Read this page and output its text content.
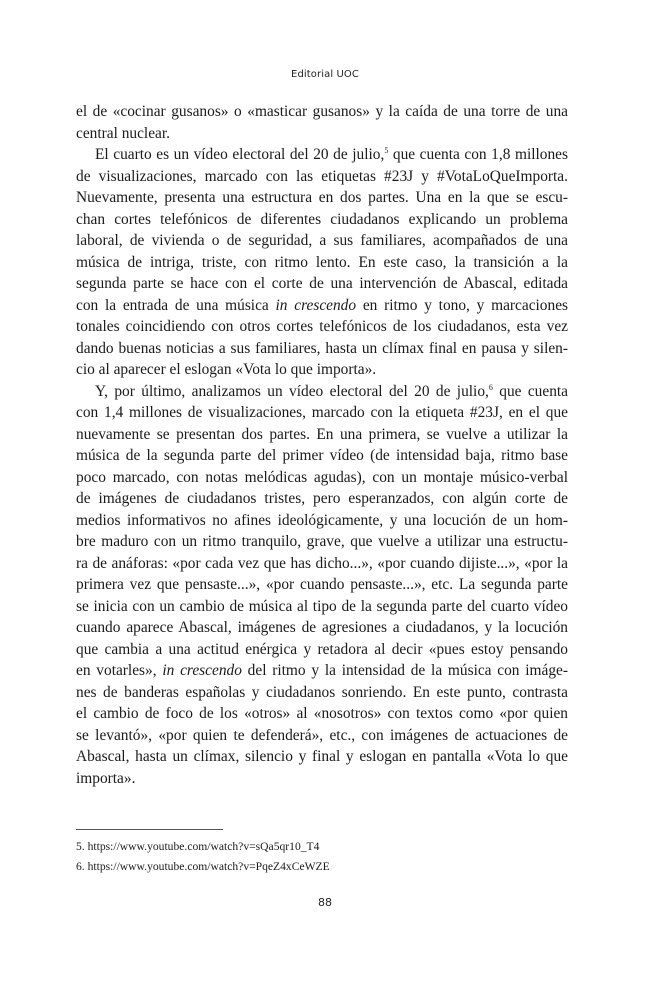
Editorial UOC
el de «cocinar gusanos» o «masticar gusanos» y la caída de una torre de una
central nuclear.
El cuarto es un vídeo electoral del 20 de julio,$^5$ que cuenta con 1,8 millones
de visualizaciones, marcado con las etiquetas #23J y #VotaLoQueImporta.
Nuevamente, presenta una estructura en dos partes. Una en la que se escu-
chan cortes telefónicos de diferentes ciudadanos explicando un problema
laboral, de vivienda o de seguridad, a sus familiares, acompañados de una
música de intriga, triste, con ritmo lento. En este caso, la transición a la
segunda parte se hace con el corte de una intervención de Abascal, editada
con la entrada de una música in crescendo en ritmo y tono, y marcaciones
tonales coincidiendo con otros cortes telefónicos de los ciudadanos, esta vez
dando buenas noticias a sus familiares, hasta un clímax final en pausa y silen-
cio al aparecer el eslogan «Vota lo que importa».
Y, por último, analizamos un vídeo electoral del 20 de julio,$^6$ que cuenta
con 1,4 millones de visualizaciones, marcado con la etiqueta #23J, en el que
nuevamente se presentan dos partes. En una primera, se vuelve a utilizar la
música de la segunda parte del primer vídeo (de intensidad baja, ritmo base
poco marcado, con notas melódicas agudas), con un montaje músico-verbal
de imágenes de ciudadanos tristes, pero esperanzados, con algún corte de
medios informativos no afines ideológicamente, y una locución de un hom-
bre maduro con un ritmo tranquilo, grave, que vuelve a utilizar una estructu-
ra de anáforas: «por cada vez que has dicho...», «por cuando dijiste...», «por la
primera vez que pensaste...», «por cuando pensaste...», etc. La segunda parte
se inicia con un cambio de música al tipo de la segunda parte del cuarto vídeo
cuando aparece Abascal, imágenes de agresiones a ciudadanos, y la locución
que cambia a una actitud enérgica y retadora al decir «pues estoy pensando
en votarles», in crescendo del ritmo y la intensidad de la música con imáge-
nes de banderas españolas y ciudadanos sonriendo. En este punto, contrasta
el cambio de foco de los «otros» al «nosotros» con textos como «por quien
se levantó», «por quien te defenderá», etc., con imágenes de actuaciones de
Abascal, hasta un clímax, silencio y final y eslogan en pantalla «Vota lo que
importa».
5. https://www.youtube.com/watch?v=sQa5qr10_T4
6. https://www.youtube.com/watch?v=PqeZ4xCeWZE
88
